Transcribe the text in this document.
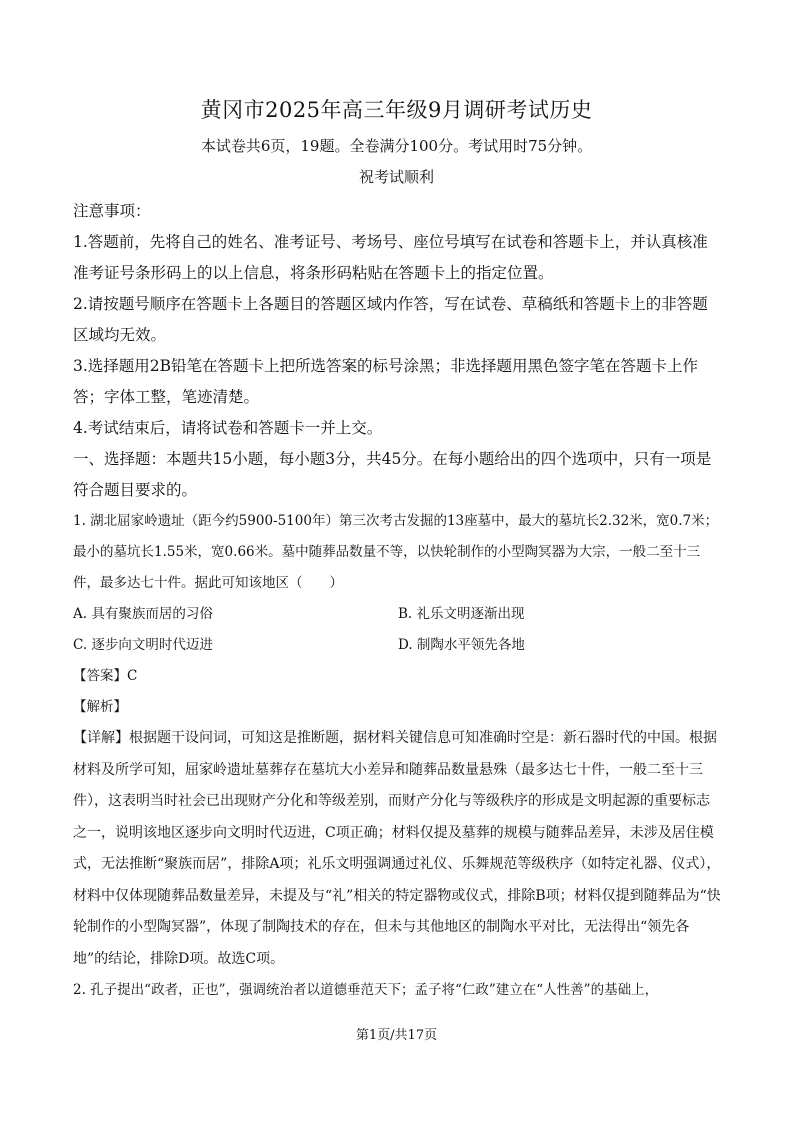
黄冈市2025年高三年级9月调研考试历史
本试卷共6页，19题。全卷满分100分。考试用时75分钟。
祝考试顺利

注意事项：

1.答题前，先将自己的姓名、准考证号、考场号、座位号填写在试卷和答题卡上，并认真核准准考证号条形码上的以上信息，将条形码粘贴在答题卡上的指定位置。

2.请按题号顺序在答题卡上各题目的答题区域内作答，写在试卷、草稿纸和答题卡上的非答题区域均无效。

3.选择题用2B铅笔在答题卡上把所选答案的标号涂黑；非选择题用黑色签字笔在答题卡上作答；字体工整，笔迹清楚。

4.考试结束后，请将试卷和答题卡一并上交。

一、选择题：本题共15小题，每小题3分，共45分。在每小题给出的四个选项中，只有一项是符合题目要求的。

1. 湖北屈家岭遗址（距今约5900-5100年）第三次考古发掘的13座墓中，最大的墓坑长2.32米，宽0.7米；最小的墓坑长1.55米，宽0.66米。墓中随葬品数量不等，以快轮制作的小型陶冥器为大宗，一般二至十三件，最多达七十件。据此可知该地区（　　）

A. 具有聚族而居的习俗	B. 礼乐文明逐渐出现
C. 逐步向文明时代迈进	D. 制陶水平领先各地

【答案】C

【解析】

【详解】根据题干设问词，可知这是推断题，据材料关键信息可知准确时空是：新石器时代的中国。根据材料及所学可知，屈家岭遗址墓葬存在墓坑大小差异和随葬品数量悬殊（最多达七十件，一般二至十三件），这表明当时社会已出现财产分化和等级差别，而财产分化与等级秩序的形成是文明起源的重要标志之一，说明该地区逐步向文明时代迈进，C项正确；材料仅提及墓葬的规模与随葬品差异，未涉及居住模式，无法推断“聚族而居”，排除A项；礼乐文明强调通过礼仪、乐舞规范等级秩序（如特定礼器、仪式），材料中仅体现随葬品数量差异，未提及与“礼”相关的特定器物或仪式，排除B项；材料仅提到随葬品为“快轮制作的小型陶冥器”，体现了制陶技术的存在，但未与其他地区的制陶水平对比，无法得出“领先各地”的结论，排除D项。故选C项。

2. 孔子提出“政者，正也”，强调统治者以道德垂范天下；孟子将“仁政”建立在“人性善”的基础上，

第1页/共17页
